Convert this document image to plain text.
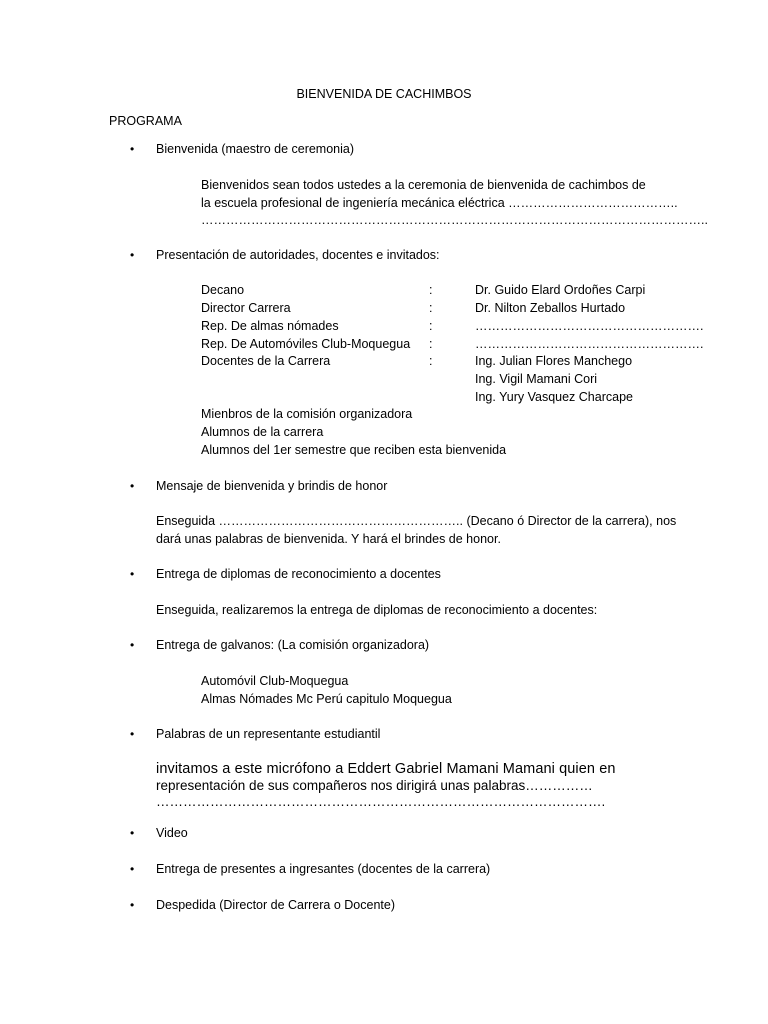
BIENVENIDA DE CACHIMBOS
PROGRAMA
• Bienvenida (maestro de ceremonia)
Bienvenidos sean todos ustedes a la ceremonia de bienvenida de cachimbos de
la escuela profesional de ingeniería mecánica eléctrica …………………………………..
…………………………………………………………………………………………………………..
• Presentación de autoridades, docentes e invitados:
Decano	:	Dr. Guido Elard Ordoñes Carpi
Director Carrera	:	Dr. Nilton Zeballos Hurtado
Rep. De almas nómades	:	……………………………………………….
Rep. De Automóviles Club-Moquegua :	……………………………………………….
Docentes de la Carrera	:	Ing. Julian Flores Manchego
Ing. Vigil Mamani Cori
Ing. Yury Vasquez Charcape
Mienbros de la comisión organizadora
Alumnos de la carrera
Alumnos del 1er semestre que reciben esta bienvenida
• Mensaje de bienvenida y brindis de honor
Enseguida ………………………………………………….. (Decano ó Director de la carrera), nos
dará unas palabras de bienvenida. Y hará el brindes de honor.
• Entrega de diplomas de reconocimiento a docentes
Enseguida, realizaremos la entrega de diplomas de reconocimiento a docentes:
• Entrega de galvanos: (La comisión organizadora)
Automóvil Club-Moquegua
Almas Nómades Mc Perú capitulo Moquegua
• Palabras de un representante estudiantil
invitamos a este micrófono a Eddert Gabriel Mamani Mamani quien en
representación de sus compañeros nos dirigirá unas palabras……………
……………………………………………………………………………………….
• Video
• Entrega de presentes a ingresantes (docentes de la carrera)
• Despedida (Director de Carrera o Docente)
